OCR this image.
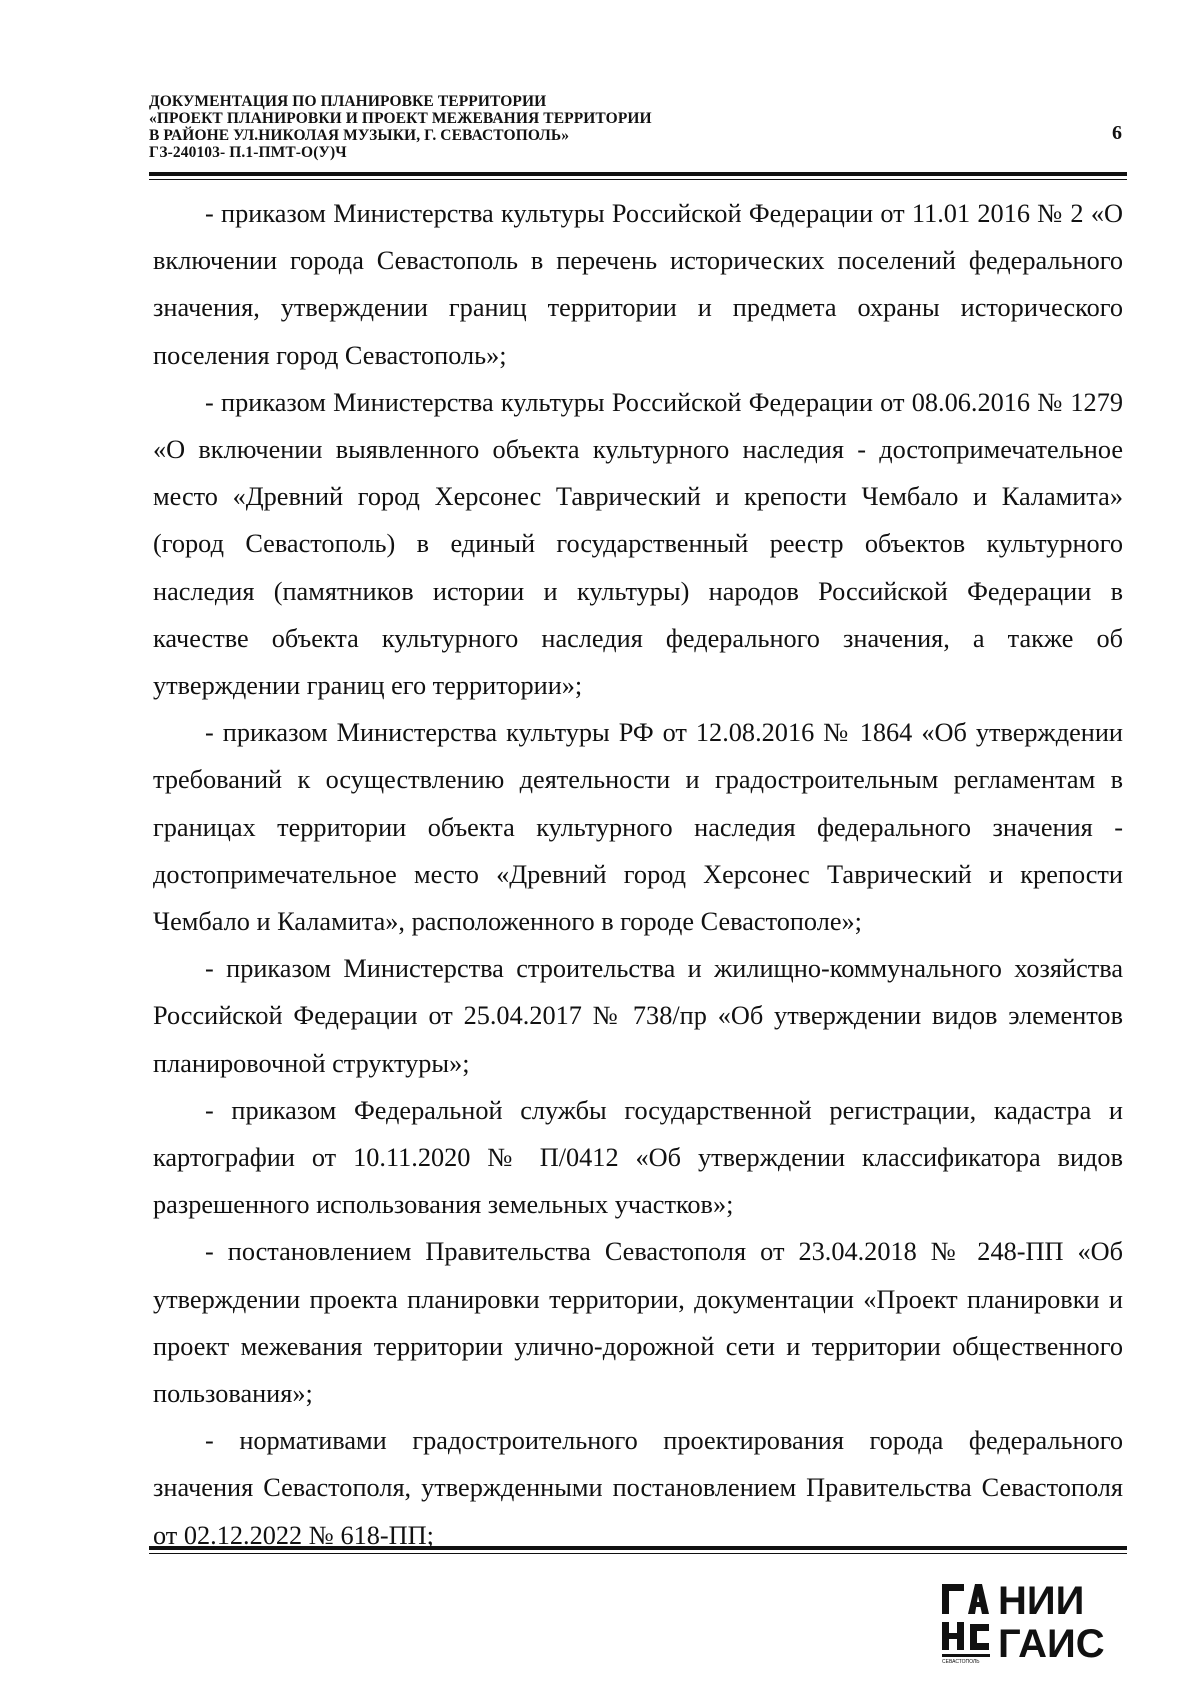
ДОКУМЕНТАЦИЯ ПО ПЛАНИРОВКЕ ТЕРРИТОРИИ
«ПРОЕКТ ПЛАНИРОВКИ И ПРОЕКТ МЕЖЕВАНИЯ ТЕРРИТОРИИ
В РАЙОНЕ УЛ.НИКОЛАЯ МУЗЫКИ, Г. СЕВАСТОПОЛЬ»
ГЗ-240103- П.1-ПМТ-О(У)Ч
6

- приказом Министерства культуры Российской Федерации от 11.01 2016 № 2 «О включении города Севастополь в перечень исторических поселений федерального значения, утверждении границ территории и предмета охраны исторического поселения город Севастополь»;

- приказом Министерства культуры Российской Федерации от 08.06.2016 № 1279 «О включении выявленного объекта культурного наследия - достопримечательное место «Древний город Херсонес Таврический и крепости Чембало и Каламита» (город Севастополь) в единый государственный реестр объектов культурного наследия (памятников истории и культуры) народов Российской Федерации в качестве объекта культурного наследия федерального значения, а также об утверждении границ его территории»;

- приказом Министерства культуры РФ от 12.08.2016 № 1864 «Об утверждении требований к осуществлению деятельности и градостроительным регламентам в границах территории объекта культурного наследия федерального значения - достопримечательное место «Древний город Херсонес Таврический и крепости Чембало и Каламита», расположенного в городе Севастополе»;

- приказом Министерства строительства и жилищно-коммунального хозяйства Российской Федерации от 25.04.2017 № 738/пр «Об утверждении видов элементов планировочной структуры»;

- приказом Федеральной службы государственной регистрации, кадастра и картографии от 10.11.2020 № П/0412 «Об утверждении классификатора видов разрешенного использования земельных участков»;

- постановлением Правительства Севастополя от 23.04.2018 № 248-ПП «Об утверждении проекта планировки территории, документации «Проект планировки и проект межевания территории улично-дорожной сети и территории общественного пользования»;

- нормативами градостроительного проектирования города федерального значения Севастополя, утвержденными постановлением Правительства Севастополя от 02.12.2022 № 618-ПП;

НИИ
ГАИС
СЕВАСТОПОЛЬ
